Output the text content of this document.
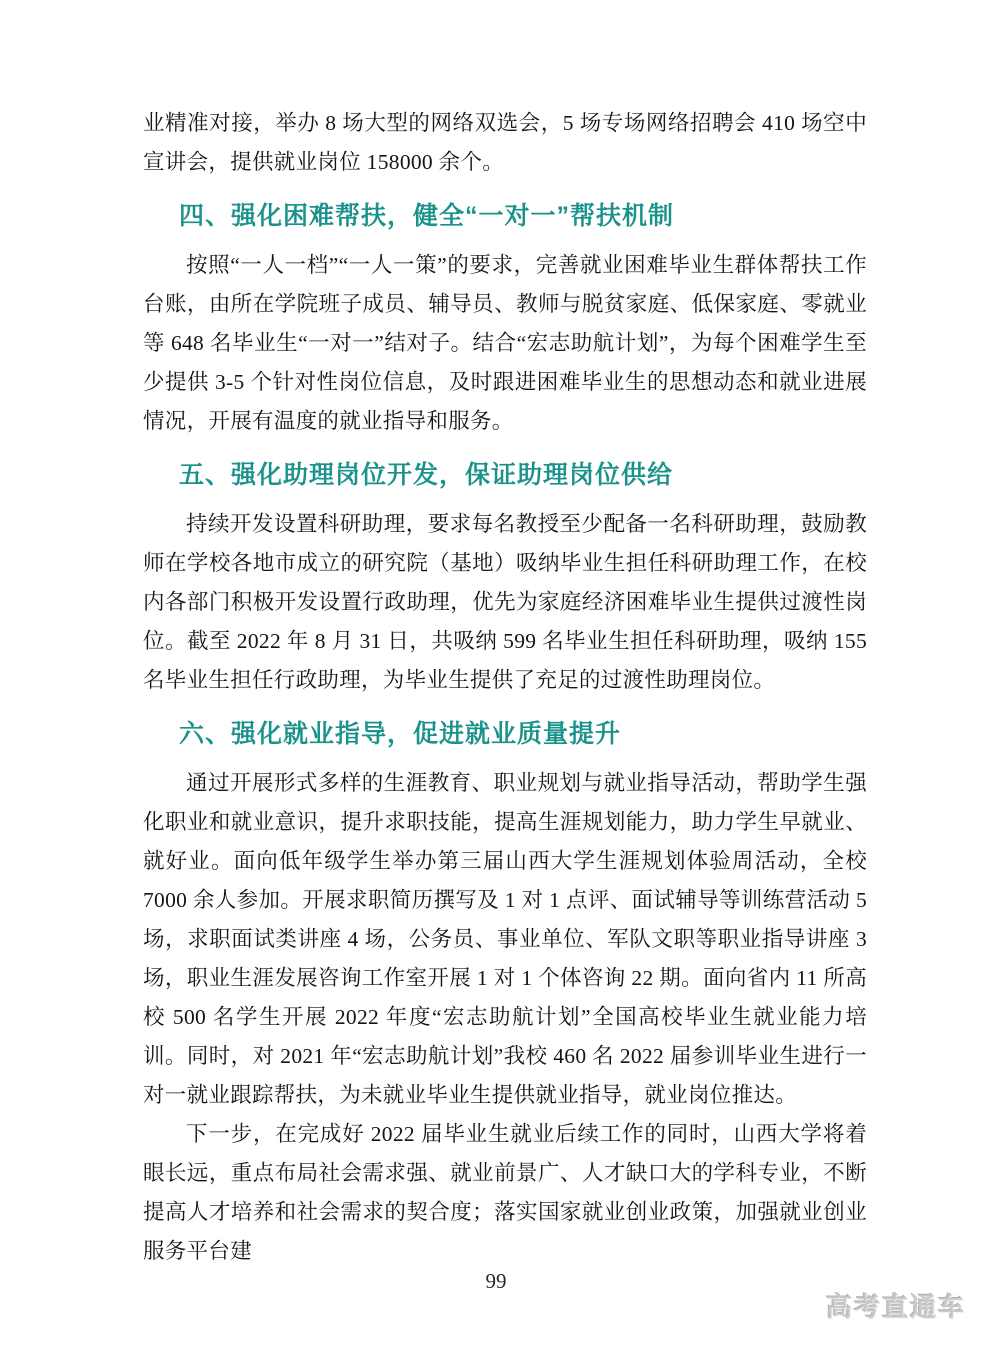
业精准对接，举办 8 场大型的网络双选会，5 场专场网络招聘会 410 场空中宣讲会，提供就业岗位 158000 余个。

四、强化困难帮扶，健全“一对一”帮扶机制

按照“一人一档”“一人一策”的要求，完善就业困难毕业生群体帮扶工作台账，由所在学院班子成员、辅导员、教师与脱贫家庭、低保家庭、零就业等 648 名毕业生“一对一”结对子。结合“宏志助航计划”，为每个困难学生至少提供 3-5 个针对性岗位信息，及时跟进困难毕业生的思想动态和就业进展情况，开展有温度的就业指导和服务。

五、强化助理岗位开发，保证助理岗位供给

持续开发设置科研助理，要求每名教授至少配备一名科研助理，鼓励教师在学校各地市成立的研究院（基地）吸纳毕业生担任科研助理工作，在校内各部门积极开发设置行政助理，优先为家庭经济困难毕业生提供过渡性岗位。截至 2022 年 8 月 31 日，共吸纳 599 名毕业生担任科研助理，吸纳 155 名毕业生担任行政助理，为毕业生提供了充足的过渡性助理岗位。

六、强化就业指导，促进就业质量提升

通过开展形式多样的生涯教育、职业规划与就业指导活动，帮助学生强化职业和就业意识，提升求职技能，提高生涯规划能力，助力学生早就业、就好业。面向低年级学生举办第三届山西大学生涯规划体验周活动，全校 7000 余人参加。开展求职简历撰写及 1 对 1 点评、面试辅导等训练营活动 5 场，求职面试类讲座 4 场，公务员、事业单位、军队文职等职业指导讲座 3 场，职业生涯发展咨询工作室开展 1 对 1 个体咨询 22 期。面向省内 11 所高校 500 名学生开展 2022 年度“宏志助航计划”全国高校毕业生就业能力培训。同时，对 2021 年“宏志助航计划”我校 460 名 2022 届参训毕业生进行一对一就业跟踪帮扶，为未就业毕业生提供就业指导，就业岗位推达。

下一步，在完成好 2022 届毕业生就业后续工作的同时，山西大学将着眼长远，重点布局社会需求强、就业前景广、人才缺口大的学科专业，不断提高人才培养和社会需求的契合度；落实国家就业创业政策，加强就业创业服务平台建

99
高考直通车
